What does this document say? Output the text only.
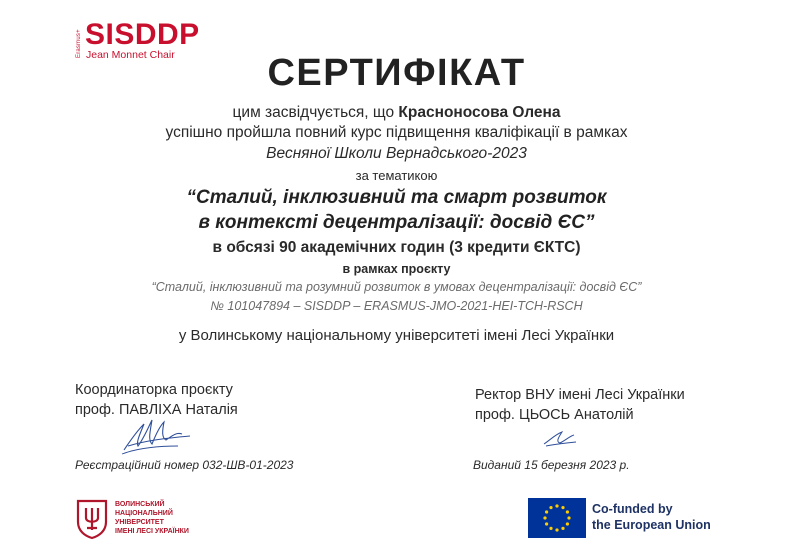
Erasmus+ SISDDP
Jean Monnet Chair	СЕРТИФІКАТ
цим засвідчується, що Красноносова Олена
успішно пройшла повний курс підвищення кваліфікації в рамках
Весняної Школи Вернадського-2023
за тематикою
“Сталий, інклюзивний та смарт розвиток
в контексті децентралізації: досвід ЄС”
в обсязі 90 академічних годин (3 кредити ЄКТС)
в рамках проєкту
“Сталий, інклюзивний та розумний розвиток в умовах децентралізації: досвід ЄС”
№ 101047894 – SISDDP – ERASMUS-JMO-2021-HEI-TCH-RSCH
у Волинському національному університеті імені Лесі Українки
Координаторка проєкту
проф. ПАВЛІХА Наталія
Ректор ВНУ імені Лесі Українки
проф. ЦЬОСЬ Анатолій
Реєстраційний номер 032-ШВ-01-2023	Виданий 15 березня 2023 р.
ВОЛИНСЬКИЙ
НАЦІОНАЛЬНИЙ
УНІВЕРСИТЕТ
ІМЕНІ ЛЕСІ УКРАЇНКИ
Co-funded by
the European Union
